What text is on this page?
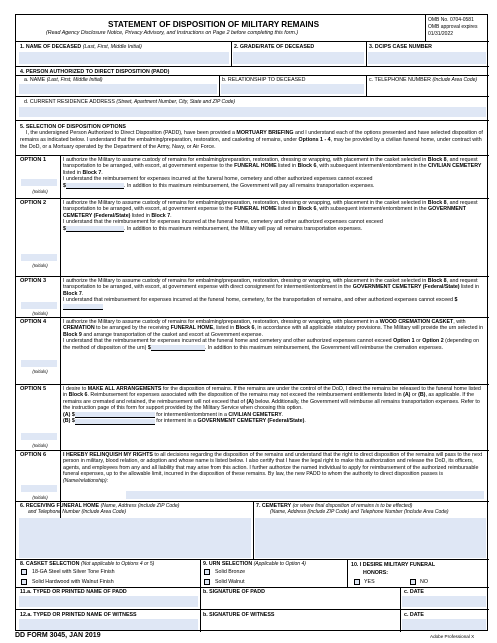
STATEMENT OF DISPOSITION OF MILITARY REMAINS
(Read Agency Disclosure Notice, Privacy Advisory, and Instructions on Page 2 before completing this form.)
OMB No. 0704-0581
OMB approval expires
01/31/2022
1. NAME OF DECEASED (Last, First, Middle Initial)	2. GRADE/RATE OF DECEASED	3. DCIPS CASE NUMBER
4. PERSON AUTHORIZED TO DIRECT DISPOSITION (PADD)
a. NAME (Last, First, Middle Initial)	b. RELATIONSHIP TO DECEASED	c. TELEPHONE NUMBER (Include Area Code)
d. CURRENT RESIDENCE ADDRESS (Street, Apartment Number, City, State and ZIP Code)
5. SELECTION OF DISPOSITION OPTIONS
I, the undersigned Person Authorized to Direct Disposition (PADD), have been provided a MORTUARY BRIEFING and I understand each of the options presented and have selected disposition of remains as indicated below. I understand that the embalming/preparation, restoration, and casketing of remains, under Options 1 - 4, may be provided by a civilian funeral home, under contract with the DoD, or a Mortuary operated by the Department of the Army, Navy, or Air Force.
OPTION 1
(Initials)
I authorize the Military to assume custody of remains for embalming/preparation, restoration, dressing or wrapping, with placement in the casket selected in Block 8, and request transportation to be arranged, with escort, at government expense to the FUNERAL HOME listed in Block 6, with subsequent interment/entombment in the CIVILIAN CEMETERY listed in Block 7.
I understand the reimbursement for expenses incurred at the funeral home, cemetery and other authorized expenses cannot exceed
$	. In addition to this maximum reimbursement, the Government will pay all remains transportation expenses.
OPTION 2
(Initials)
I authorize the Military to assume custody of remains for embalming/preparation, restoration, dressing or wrapping, with placement in the casket selected in Block 8, and request transportation to be arranged, with escort, at government expense to the FUNERAL HOME listed in Block 6, with subsequent interment/entombment in the GOVERNMENT CEMETERY (Federal/State) listed in Block 7.
I understand that the reimbursement for expenses incurred at the funeral home, cemetery and other authorized expenses cannot exceed
$	. In addition to this maximum reimbursement, the Military will pay all remains transportation expenses.
OPTION 3
(Initials)
I authorize the Military to assume custody of remains for embalming/preparation, restoration, dressing or wrapping, with placement in the casket selected in Block 8, and request transportation to be arranged, with escort, at government expense with direct consignment for interment/entombment in the GOVERNMENT CEMETERY (Federal/State) listed in Block 7.
I understand that reimbursement for expenses incurred at the funeral home, cemetery, for the transportation of remains, and other authorized expenses cannot exceed $
OPTION 4
(Initials)
I authorize the Military to assume custody of remains for embalming/preparation, restoration, dressing or wrapping, with placement in a WOOD CREMATION CASKET, with CREMATION to be arranged by the receiving FUNERAL HOME, listed in Block 6, in accordance with all applicable statutory provisions. The Military will provide the urn selected in Block 9 and arrange transportation of the casket and escort at Government expense.
I understand that the reimbursement for expenses incurred at the funeral home and cemetery and other authorized expenses cannot exceed Option 1 or Option 2 (depending on the method of dispositon of the urn) $	. In addition to this maximum reimbursement, the Government will reimburse the cremation expenses.
OPTION 5
(Initials)
I desire to MAKE ALL ARRANGEMENTS for the disposition of remains. If the remains are under the control of the DoD, I direct the remains be released to the funeral home listed in Block 6. Reimbursement for expenses associated with the disposition of the remains may not exceed the reimbursement entitlements listed in (A) or (B), as applicable. If the remains are cremated and retained, the reimbursement will not exceed that of (A) below. Additionally, the Government will reimburse all remains transportation expenses. Refer to the instruction page of this form for support provided by the Military Service when choosing this option.
(A) $	for interment/entombment in a CIVILIAN CEMETERY.
(B) $	for interment in a GOVERNMENT CEMETERY (Federal/State).
OPTION 6
(Initials)
I HEREBY RELINQUISH MY RIGHTS to all decisions regarding the disposition of the remains and understand that the right to direct disposition of the remains will pass to the next person in military, blood relation, or adoption and whose name is listed below. I also certify that I have the legal right to make this authorization and release the DoD, its officers, agents, and employees from any and all liability that may arise from this action. I further authorize the named individual to apply for reimbursement of the authorized reimbursable funeral expenses, up to the allowable limit, incurred in the disposition of these remains. By law, the new PADD to whom the authority to direct disposition passes is
(Name/relationship):
6. RECEIVING FUNERAL HOME (Name, Address (include ZIP Code)
and Telephone Number (Include Area Code)
7. CEMETERY (or where final disposition of remains is to be effected)
(Name, Address (Include ZIP Code) and Telephone Number (Include Area Code)
8. CASKET SELECTION (Not applicable to Options 4 or 5)
18-GA Steel with Silver Tone Finish
Solid Hardwood with Walnut Finish
9. URN SELECTION (Applicable to Option 4)
Solid Bronze
Solid Walnut
10. I DESIRE MILITARY FUNERAL
HONORS:
YES	NO
11.a. TYPED OR PRINTED NAME OF PADD	b. SIGNATURE OF PADD	c. DATE
12.a. TYPED OR PRINTED NAME OF WITNESS	b. SIGNATURE OF WITNESS	c. DATE
DD FORM 3045, JAN 2019	Adobe Professional X
